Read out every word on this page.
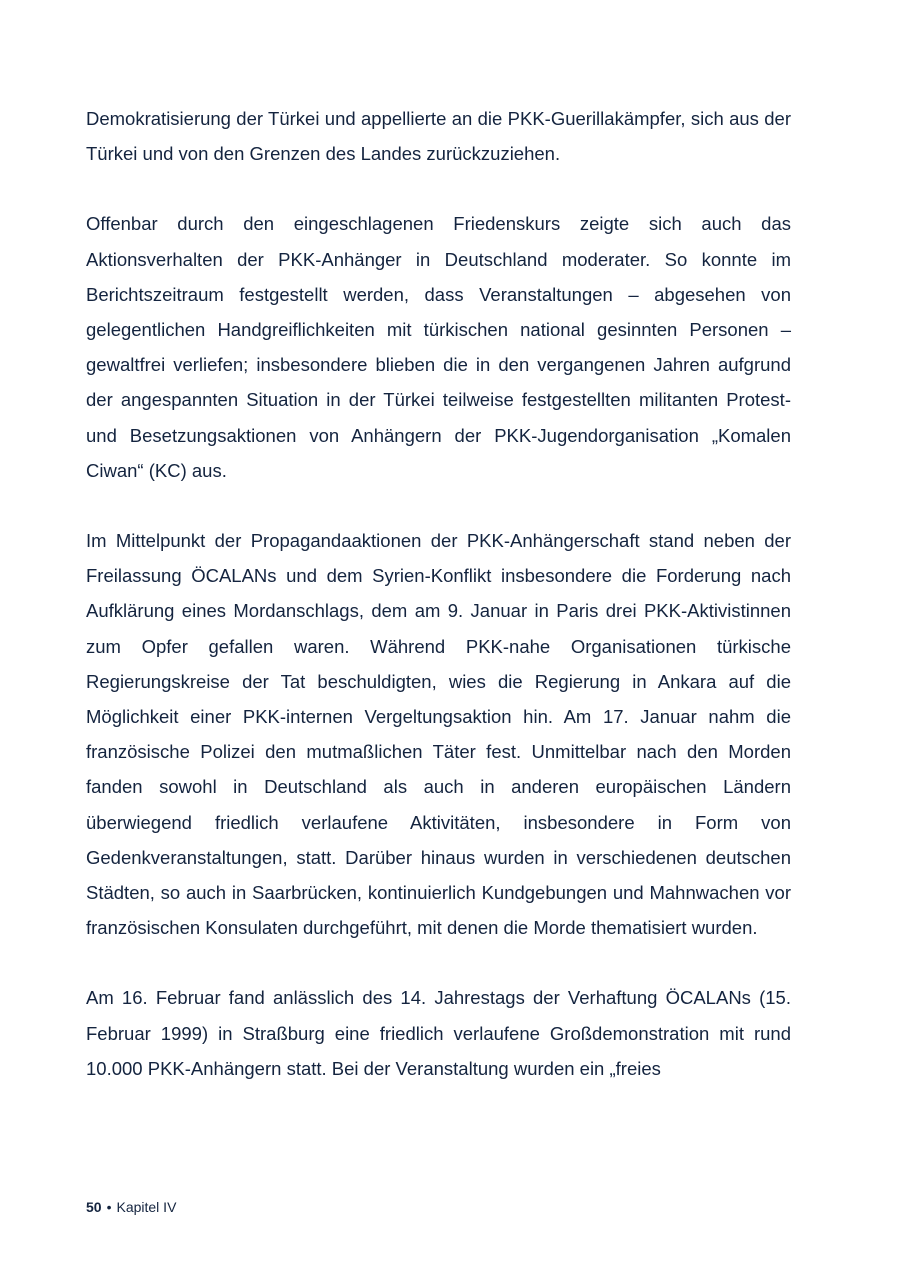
Demokratisierung der Türkei und appellierte an die PKK-Guerillakämpfer, sich aus der Türkei und von den Grenzen des Landes zurückzuziehen.

Offenbar durch den eingeschlagenen Friedenskurs zeigte sich auch das Aktionsverhalten der PKK-Anhänger in Deutschland moderater. So konnte im Berichtszeitraum festgestellt werden, dass Veranstaltungen – abgesehen von gelegentlichen Handgreiflichkeiten mit türkischen national gesinnten Personen – gewaltfrei verliefen; insbesondere blieben die in den vergangenen Jahren aufgrund der angespannten Situation in der Türkei teilweise festgestellten militanten Protest- und Besetzungsaktionen von Anhängern der PKK-Jugendorganisation „Komalen Ciwan“ (KC) aus.

Im Mittelpunkt der Propagandaaktionen der PKK-Anhängerschaft stand neben der Freilassung ÖCALANs und dem Syrien-Konflikt insbesondere die Forderung nach Aufklärung eines Mordanschlags, dem am 9. Januar in Paris drei PKK-Aktivistinnen zum Opfer gefallen waren. Während PKK-nahe Organisationen türkische Regierungskreise der Tat beschuldigten, wies die Regierung in Ankara auf die Möglichkeit einer PKK-internen Vergeltungsaktion hin. Am 17. Januar nahm die französische Polizei den mutmaßlichen Täter fest. Unmittelbar nach den Morden fanden sowohl in Deutschland als auch in anderen europäischen Ländern überwiegend friedlich verlaufene Aktivitäten, insbesondere in Form von Gedenkveranstaltungen, statt. Darüber hinaus wurden in verschiedenen deutschen Städten, so auch in Saarbrücken, kontinuierlich Kundgebungen und Mahnwachen vor französischen Konsulaten durchgeführt, mit denen die Morde thematisiert wurden.

Am 16. Februar fand anlässlich des 14. Jahrestags der Verhaftung ÖCALANs (15. Februar 1999) in Straßburg eine friedlich verlaufene Großdemonstration mit rund 10.000 PKK-Anhängern statt. Bei der Veranstaltung wurden ein „freies

50 • Kapitel IV
